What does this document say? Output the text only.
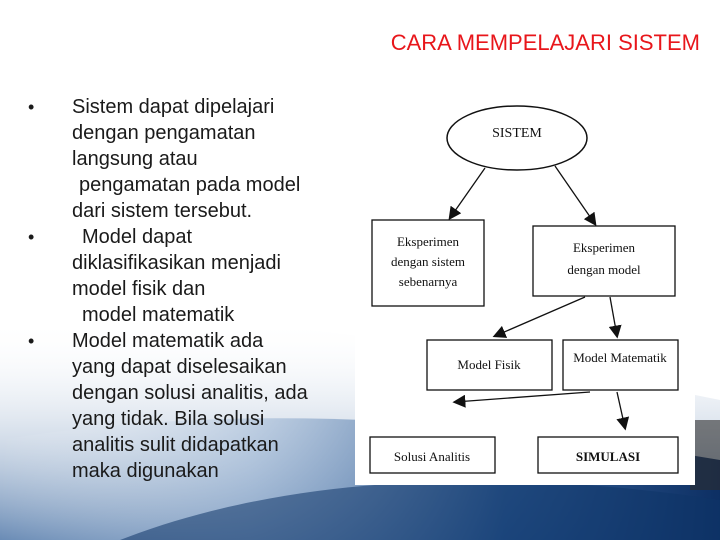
CARA MEMPELAJARI SISTEM
•	Sistem dapat dipelajari
dengan pengamatan
langsung atau
pengamatan pada model
dari sistem tersebut.
•	Model dapat
diklasifikasikan menjadi
model fisik dan
model matematik
•	Model matematik ada
yang dapat diselesaikan
dengan solusi analitis, ada
yang tidak. Bila solusi
analitis sulit didapatkan
maka digunakan
SISTEM
Eksperimen
dengan sistem
sebenarnya
Eksperimen
dengan model
Model Fisik	Model Matematik
Solusi Analitis	SIMULASI
